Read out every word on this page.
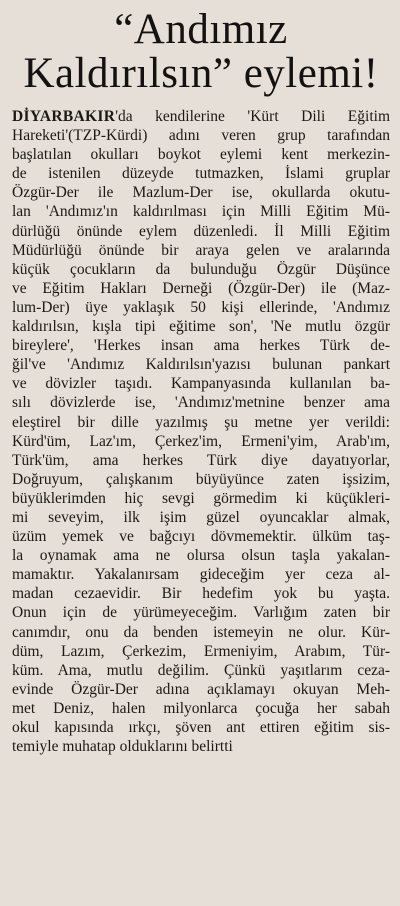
“Andımız
Kaldırılsın” eylemi!
DİYARBAKIR'da kendilerine 'Kürt Dili Eğitim
Hareketi'(TZP-Kürdi) adını veren grup tarafından
başlatılan okulları boykot eylemi kent merkezin-
de istenilen düzeyde tutmazken, İslami gruplar
Özgür-Der ile Mazlum-Der ise, okullarda okutu-
lan 'Andımız'ın kaldırılması için Milli Eğitim Mü-
dürlüğü önünde eylem düzenledi. İl Milli Eğitim
Müdürlüğü önünde bir araya gelen ve aralarında
küçük çocukların da bulunduğu Özgür Düşünce
ve Eğitim Hakları Derneği (Özgür-Der) ile (Maz-
lum-Der) üye yaklaşık 50 kişi ellerinde, 'Andımız
kaldırılsın, kışla tipi eğitime son', 'Ne mutlu özgür
bireylere', 'Herkes insan ama herkes Türk de-
ğil've 'Andımız Kaldırılsın'yazısı bulunan pankart
ve dövizler taşıdı. Kampanyasında kullanılan ba-
sılı dövizlerde ise, 'Andımız'metnine benzer ama
eleştirel bir dille yazılmış şu metne yer verildi:
Kürd'üm, Laz'ım, Çerkez'im, Ermeni'yim, Arab'ım,
Türk'üm, ama herkes Türk diye dayatıyorlar,
Doğruyum, çalışkanım büyüyünce zaten işsizim,
büyüklerimden hiç sevgi görmedim ki küçükleri-
mi seveyim, ilk işim güzel oyuncaklar almak,
üzüm yemek ve bağcıyı dövmemektir. ülküm taş-
la oynamak ama ne olursa olsun taşla yakalan-
mamaktır. Yakalanırsam gideceğim yer ceza al-
madan cezaevidir. Bir hedefim yok bu yaşta.
Onun için de yürümeyeceğim. Varlığım zaten bir
canımdır, onu da benden istemeyin ne olur. Kür-
düm, Lazım, Çerkezim, Ermeniyim, Arabım, Tür-
küm. Ama, mutlu değilim. Çünkü yaşıtlarım ceza-
evinde Özgür-Der adına açıklamayı okuyan Meh-
met Deniz, halen milyonlarca çocuğa her sabah
okul kapısında ırkçı, şöven ant ettiren eğitim sis-
temiyle muhatap olduklarını belirtti
